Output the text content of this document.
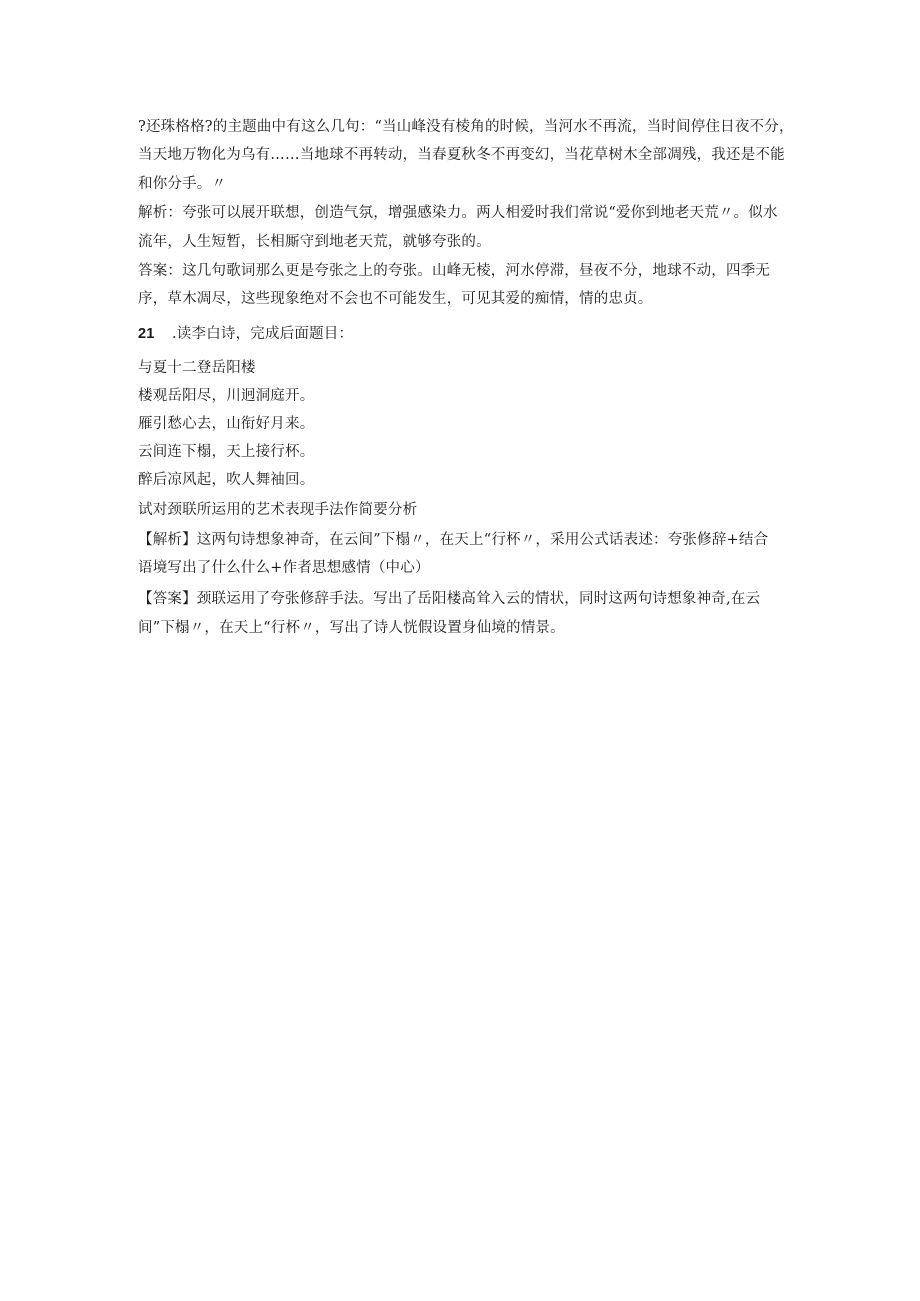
?还珠格格?的主题曲中有这么几句：“当山峰没有棱角的时候，当河水不再流，当时间停住日夜不分，
当天地万物化为乌有……当地球不再转动，当春夏秋冬不再变幻，当花草树木全部凋残，我还是不能
和你分手。〃
解析：夸张可以展开联想，创造气氛，增强感染力。两人相爱时我们常说“爱你到地老天荒〃。似水
流年，人生短暂，长相厮守到地老天荒，就够夸张的。
答案：这几句歌词那么更是夸张之上的夸张。山峰无棱，河水停滞，昼夜不分，地球不动，四季无
序，草木凋尽，这些现象绝对不会也不可能发生，可见其爱的痴情，情的忠贞。
21 .读李白诗，完成后面题目：
与夏十二登岳阳楼
楼观岳阳尽，川迥洞庭开。
雁引愁心去，山衔好月来。
云间连下榻，天上接行杯。
醉后凉风起，吹人舞袖回。
试对颈联所运用的艺术表现手法作简要分析
【解析】这两句诗想象神奇，在云间”下榻〃，在天上“行杯〃，采用公式话表述：夸张修辞+结合
语境写出了什么什么+作者思想感情（中心）
【答案】颈联运用了夸张修辞手法。写出了岳阳楼高耸入云的情状，同时这两句诗想象神奇,在云
间”下榻〃，在天上“行杯〃，写出了诗人恍假设置身仙境的情景。
